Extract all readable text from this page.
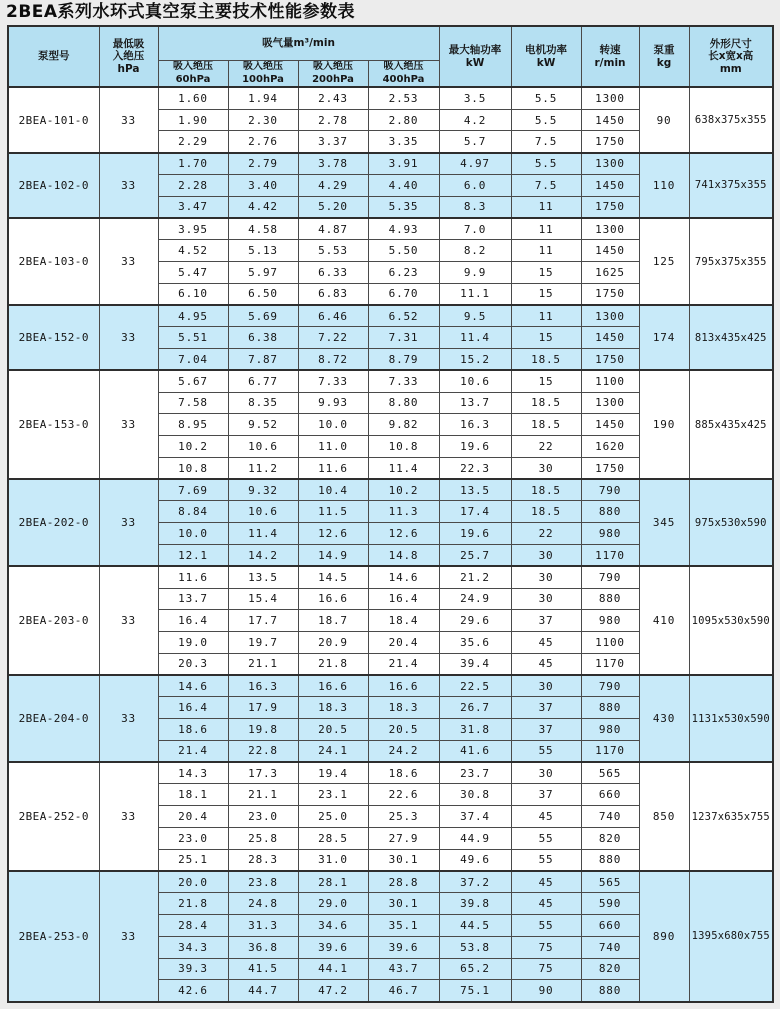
2BEA系列水环式真空泵主要技术性能参数表
泵型号	最低吸
入绝压
hPa	吸气量m³/min				最大轴功率
kW	电机功率
kW	转速
r/min	泵重
kg	外形尺寸
长x宽x高
mm
		吸入绝压
60hPa	吸入绝压
100hPa	吸入绝压
200hPa	吸入绝压
400hPa					
2BEA-101-0	33	1.60	1.94	2.43	2.53	3.5	5.5	1300	90	638x375x355
		1.90	2.30	2.78	2.80	4.2	5.5	1450		
		2.29	2.76	3.37	3.35	5.7	7.5	1750		
2BEA-102-0	33	1.70	2.79	3.78	3.91	4.97	5.5	1300	110	741x375x355
		2.28	3.40	4.29	4.40	6.0	7.5	1450		
		3.47	4.42	5.20	5.35	8.3	11	1750		
2BEA-103-0	33	3.95	4.58	4.87	4.93	7.0	11	1300	125	795x375x355
		4.52	5.13	5.53	5.50	8.2	11	1450		
		5.47	5.97	6.33	6.23	9.9	15	1625		
		6.10	6.50	6.83	6.70	11.1	15	1750		
2BEA-152-0	33	4.95	5.69	6.46	6.52	9.5	11	1300	174	813x435x425
		5.51	6.38	7.22	7.31	11.4	15	1450		
		7.04	7.87	8.72	8.79	15.2	18.5	1750		
2BEA-153-0	33	5.67	6.77	7.33	7.33	10.6	15	1100	190	885x435x425
		7.58	8.35	9.93	8.80	13.7	18.5	1300		
		8.95	9.52	10.0	9.82	16.3	18.5	1450		
		10.2	10.6	11.0	10.8	19.6	22	1620		
		10.8	11.2	11.6	11.4	22.3	30	1750		
2BEA-202-0	33	7.69	9.32	10.4	10.2	13.5	18.5	790	345	975x530x590
		8.84	10.6	11.5	11.3	17.4	18.5	880		
		10.0	11.4	12.6	12.6	19.6	22	980		
		12.1	14.2	14.9	14.8	25.7	30	1170		
2BEA-203-0	33	11.6	13.5	14.5	14.6	21.2	30	790	410	1095x530x590
		13.7	15.4	16.6	16.4	24.9	30	880		
		16.4	17.7	18.7	18.4	29.6	37	980		
		19.0	19.7	20.9	20.4	35.6	45	1100		
		20.3	21.1	21.8	21.4	39.4	45	1170		
2BEA-204-0	33	14.6	16.3	16.6	16.6	22.5	30	790	430	1131x530x590
		16.4	17.9	18.3	18.3	26.7	37	880		
		18.6	19.8	20.5	20.5	31.8	37	980		
		21.4	22.8	24.1	24.2	41.6	55	1170		
2BEA-252-0	33	14.3	17.3	19.4	18.6	23.7	30	565	850	1237x635x755
		18.1	21.1	23.1	22.6	30.8	37	660		
		20.4	23.0	25.0	25.3	37.4	45	740		
		23.0	25.8	28.5	27.9	44.9	55	820		
		25.1	28.3	31.0	30.1	49.6	55	880		
2BEA-253-0	33	20.0	23.8	28.1	28.8	37.2	45	565	890	1395x680x755
		21.8	24.8	29.0	30.1	39.8	45	590		
		28.4	31.3	34.6	35.1	44.5	55	660		
		34.3	36.8	39.6	39.6	53.8	75	740		
		39.3	41.5	44.1	43.7	65.2	75	820		
		42.6	44.7	47.2	46.7	75.1	90	880		
